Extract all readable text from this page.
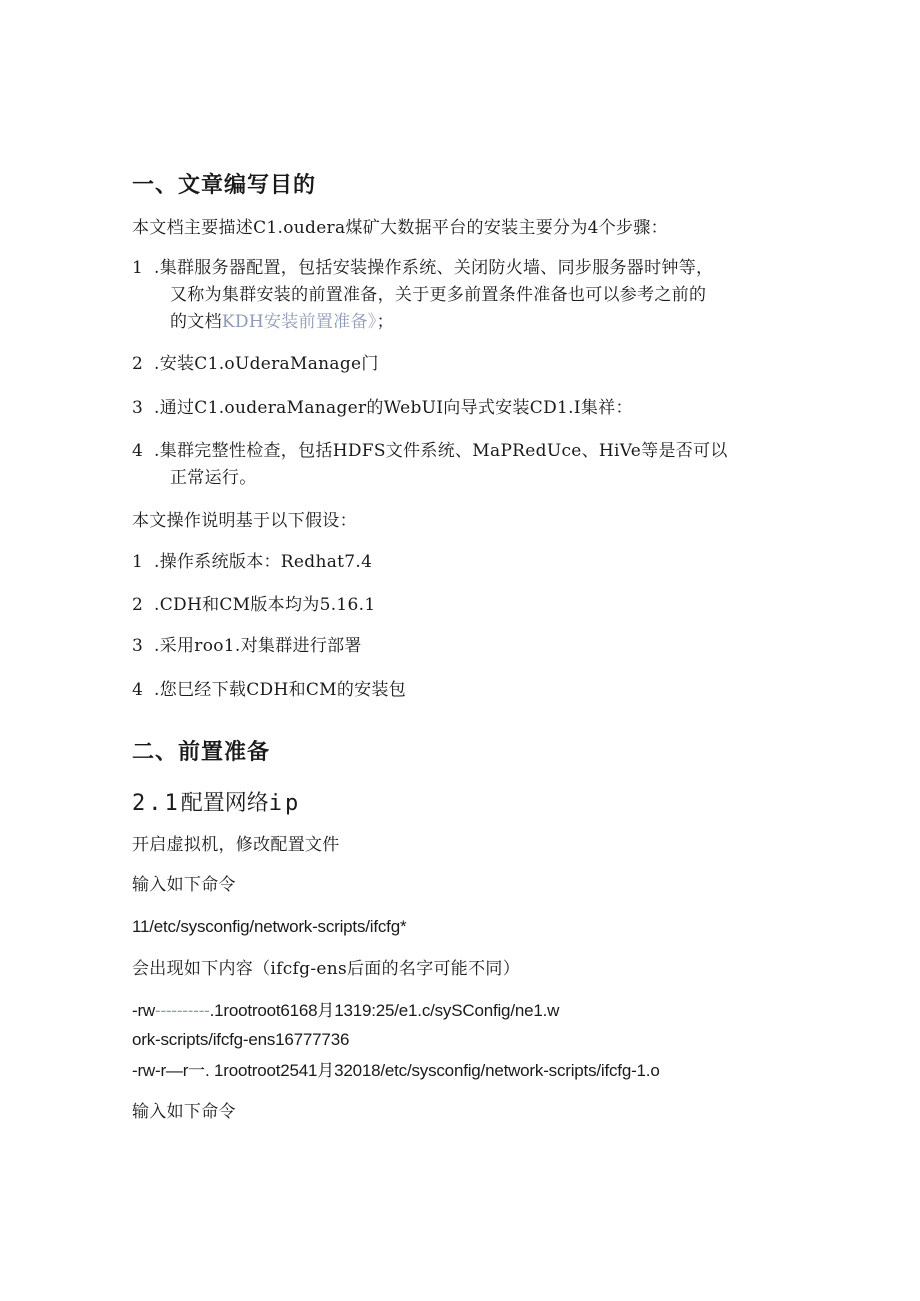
一、文章编写目的
本文档主要描述C1.oudera煤矿大数据平台的安装主要分为4个步骤：
1 .集群服务器配置，包括安装操作系统、关闭防火墙、同步服务器时钟等，
又称为集群安装的前置准备，关于更多前置条件准备也可以参考之前的
的文档KDH安装前置准备》；
2 .安装C1.oUderaManage门
3 .通过C1.ouderaManager的WebUI向导式安装CD1.I集祥：
4 .集群完整性检查，包括HDFS文件系统、MaPRedUce、HiVe等是否可以
正常运行。
本文操作说明基于以下假设：
1 .操作系统版本：Redhat7.4
2 .CDH和CM版本均为5.16.1
3 .采用roo1.对集群进行部署
4 .您巳经下载CDH和CM的安装包
二、前置准备
2.1配置网络ip
开启虚拟机，修改配置文件
输入如下命令
11/etc/sysconfig/network-scripts/ifcfg*
会出现如下内容（ifcfg-ens后面的名字可能不同）
-rw----------.1rootroot6168月1319:25/e1.c/sySConfig/ne1.w
ork-scripts/ifcfg-ens16777736
-rw-r—r一. 1rootroot2541月32018/etc/sysconfig/network-scripts/ifcfg-1.o
输入如下命令
